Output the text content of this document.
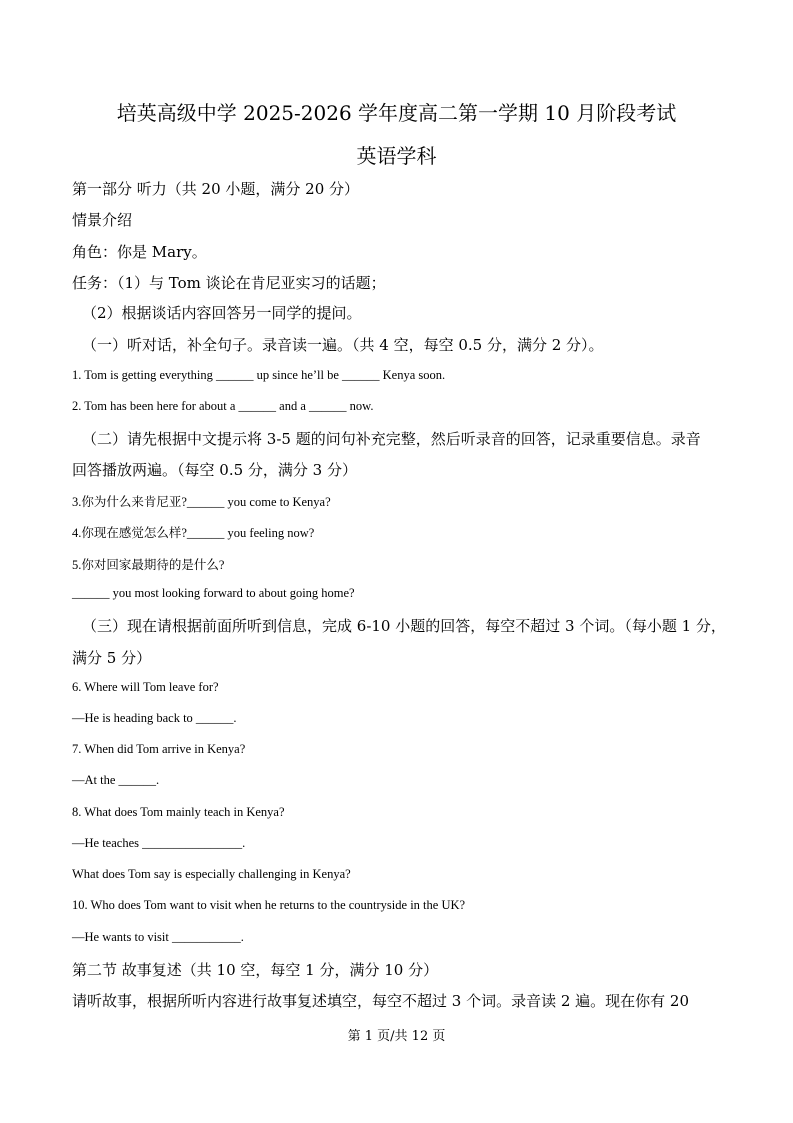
培英高级中学 2025-2026 学年度高二第一学期 10 月阶段考试
英语学科
第一部分 听力（共 20 小题，满分 20 分）
情景介绍
角色：你是 Mary。
任务：（1）与 Tom 谈论在肯尼亚实习的话题；
（2）根据谈话内容回答另一同学的提问。
（一）听对话，补全句子。录音读一遍。（共 4 空，每空 0.5 分，满分 2 分）。
1. Tom is getting everything ______ up since he’ll be ______ Kenya soon.
2. Tom has been here for about a ______ and a ______ now.
（二）请先根据中文提示将 3-5 题的问句补充完整，然后听录音的回答，记录重要信息。录音
回答播放两遍。（每空 0.5 分，满分 3 分）
3.你为什么来肯尼亚?______ you come to Kenya?
4.你现在感觉怎么样?______ you feeling now?
5.你对回家最期待的是什么?
______ you most looking forward to about going home?
（三）现在请根据前面所听到信息，完成 6-10 小题的回答，每空不超过 3 个词。（每小题 1 分，
满分 5 分）
6. Where will Tom leave for?
—He is heading back to ______.
7. When did Tom arrive in Kenya?
—At the ______.
8. What does Tom mainly teach in Kenya?
—He teaches ________________.
What does Tom say is especially challenging in Kenya?
10. Who does Tom want to visit when he returns to the countryside in the UK?
—He wants to visit ___________.
第二节 故事复述（共 10 空，每空 1 分，满分 10 分）
请听故事，根据所听内容进行故事复述填空，每空不超过 3 个词。录音读 2 遍。现在你有 20
第 1 页/共 12 页
